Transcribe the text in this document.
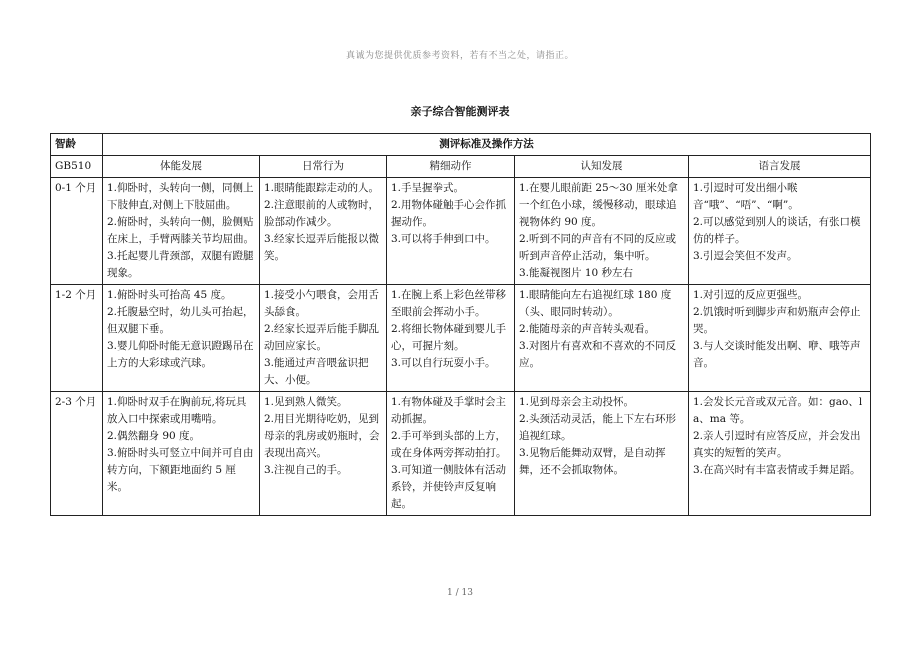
真诚为您提供优质参考资料，若有不当之处，请指正。
亲子综合智能测评表
智龄	测评标准及操作方法				
GB510	体能发展	日常行为	精细动作	认知发展	语言发展
0-1 个月	1.仰卧时，头转向一侧，同侧上下肢伸直,对侧上下肢屈曲。
2.俯卧时，头转向一侧，脸侧贴在床上，手臂两膝关节均屈曲。
3.托起婴儿背颈部，双腿有蹬腿现象。	1.眼睛能跟踪走动的人。
2.注意眼前的人或物时，脸部动作减少。
3.经家长逗弄后能报以微笑。	1.手呈握拳式。
2.用物体碰触手心会作抓握动作。
3.可以将手伸到口中。	1.在婴儿眼前距 25～30 厘米处拿一个红色小球，缓慢移动，眼球追视物体约 90 度。
2.听到不同的声音有不同的反应或听到声音停止活动，集中听。
3.能凝视图片 10 秒左右	1.引逗时可发出细小喉音“哦”、“唔”、“啊”。
2.可以感觉到别人的谈话，有张口模仿的样子。
3.引逗会笑但不发声。

1-2 个月	1.俯卧时头可抬高 45 度。
2.托腹悬空时，幼儿头可抬起，但双腿下垂。
3.婴儿仰卧时能无意识蹬踢吊在上方的大彩球或汽球。	1.接受小勺喂食，会用舌头舔食。
2.经家长逗弄后能手脚乱动回应家长。
3.能通过声音喂盆识把大、小便。	1.在腕上系上彩色丝带移至眼前会挥动小手。
2.将细长物体碰到婴儿手心，可握片刻。
3.可以自行玩耍小手。	1.眼睛能向左右追视红球 180 度（头、眼同时转动）。
2.能随母亲的声音转头观看。
3.对图片有喜欢和不喜欢的不同反应。	1.对引逗的反应更强些。
2.饥饿时听到脚步声和奶瓶声会停止哭。
3.与人交谈时能发出啊、咿、哦等声音。

2-3 个月	1.仰卧时双手在胸前玩,将玩具放入口中探索或用嘴啃。
2.偶然翻身 90 度。
3.俯卧时头可竖立中间并可自由转方向，下额距地面约 5 厘米。	1.见到熟人微笑。
2.用目光期待吃奶，见到母亲的乳房或奶瓶时，会表现出高兴。
3.注视自己的手。	1.有物体碰及手掌时会主动抓握。
2.手可举到头部的上方，或在身体两旁挥动拍打。
3.可知道一侧肢体有活动系铃，并使铃声反复响起。	1.见到母亲会主动投怀。
2.头颈活动灵活，能上下左右环形追视红球。
3.见物后能舞动双臂，是自动挥舞，还不会抓取物体。	1.会发长元音或双元音。如：gao、l a、ma 等。
2.亲人引逗时有应答反应，并会发出真实的短暂的笑声。
3.在高兴时有丰富表情或手舞足蹈。
1 / 13
